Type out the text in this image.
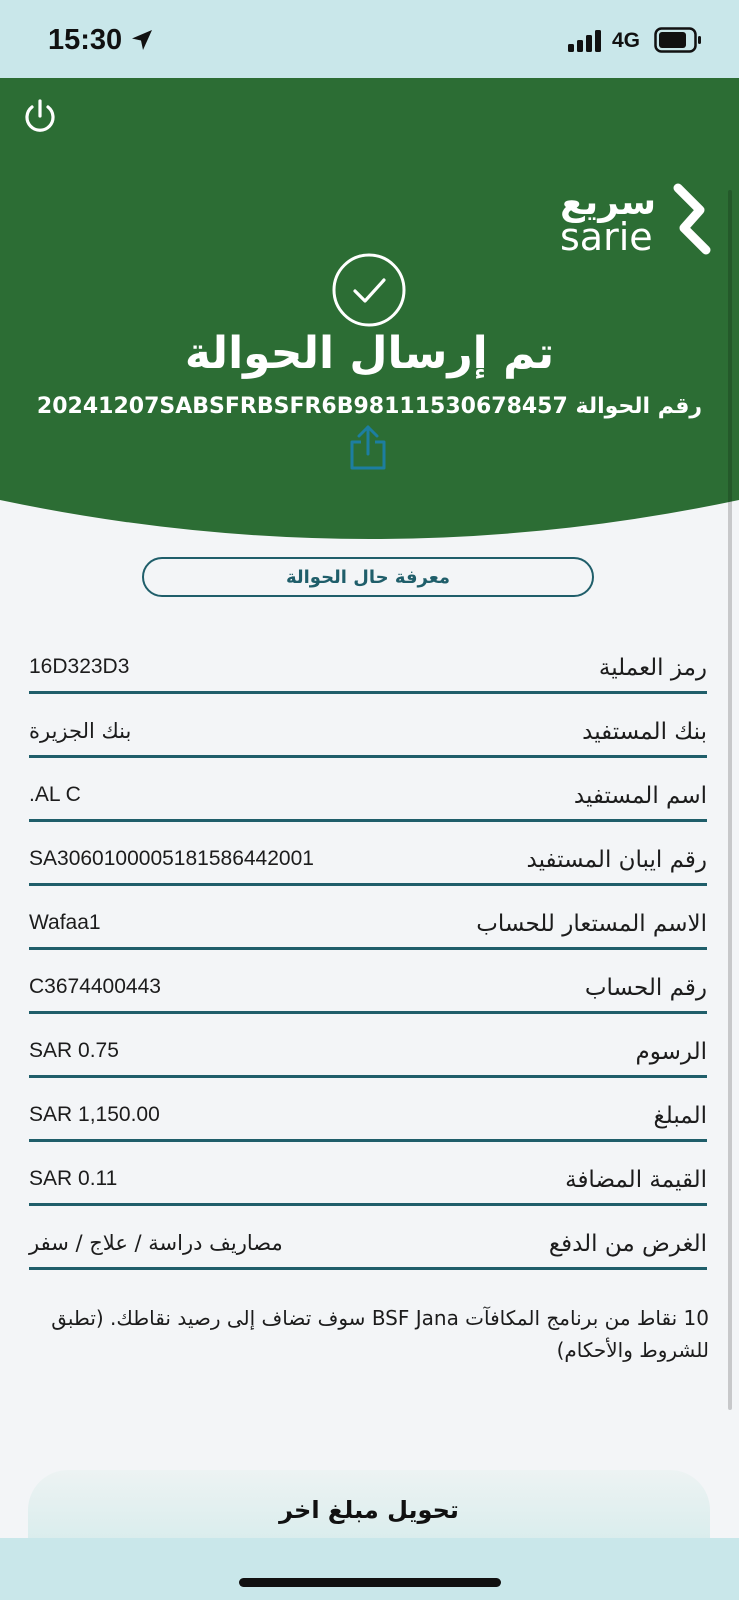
15:30	4G
سريع
sarie
تم إرسال الحوالة
رقم الحوالة 20241207SABSFRBSFR6B98111530678457
معرفة حال الحوالة
رمز العملية
16D323D3
بنك المستفيد
بنك الجزيرة
اسم المستفيد
.AL C
رقم ايبان المستفيد
SA3060100005181586442001
الاسم المستعار للحساب
Wafaa1
رقم الحساب
C3674400443
الرسوم
SAR 0.75
المبلغ
SAR 1,150.00
القيمة المضافة
SAR 0.11
الغرض من الدفع
مصاريف دراسة / علاج / سفر
10 نقاط من برنامج المكافآت BSF Jana سوف تضاف إلى رصيد نقاطك. (تطبق للشروط والأحكام)
تحويل مبلغ اخر
